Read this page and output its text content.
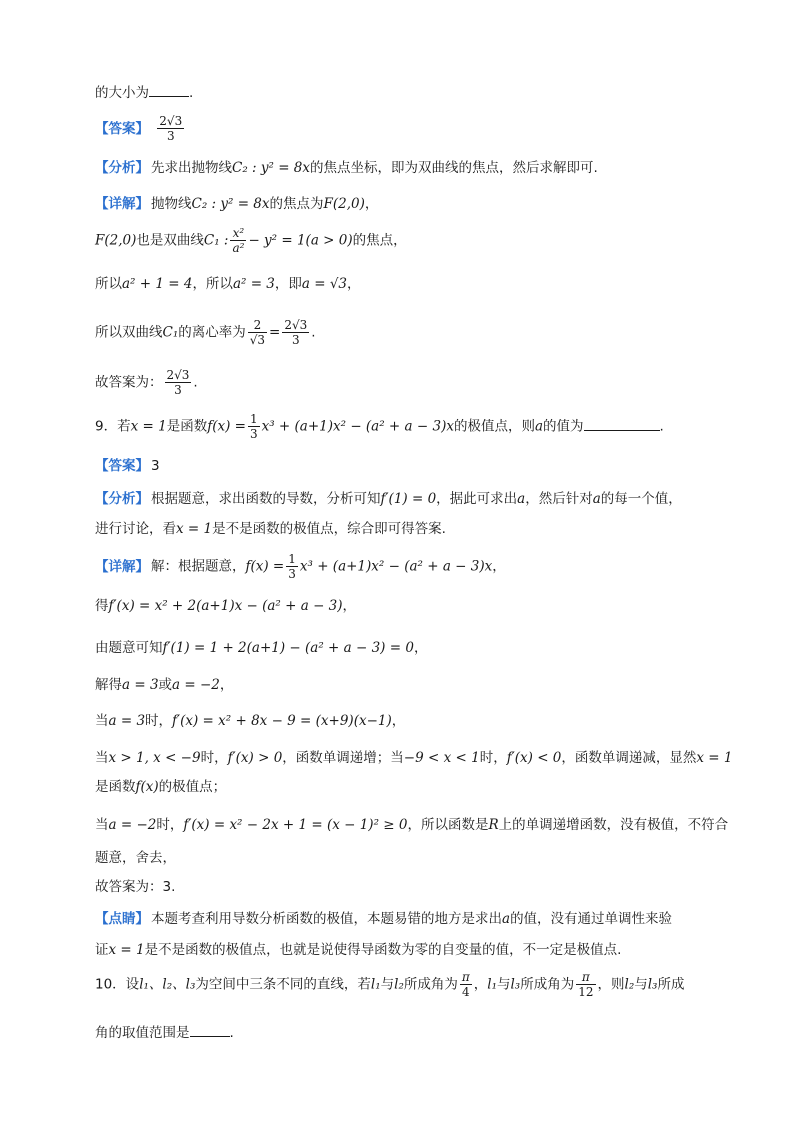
的大小为	.
【答案】 $\frac{2√3}{3}$
【分析】 先求出抛物线C₂ : y² = 8x的焦点坐标，即为双曲线的焦点，然后求解即可.
【详解】 抛物线C₂ : y² = 8x的焦点为F(2,0)，
F(2,0)也是双曲线C₁ : $\frac{\text{x²}}{\text{a²}} - y^2 = 1(a > 0)$的焦点，
所以a² + 1 = 4，所以a² = 3，即a = √3，
所以双曲线C₁的离心率为 $\frac{2}{√3} = \frac{2√3}{3}$ .
故答案为： $\frac{2√3}{3}$ .
9．若x = 1是函数$f(x) = \frac{1}{3} x^3 + (a+1)x^2 - (a^2 + a - 3)x$的极值点，则a的值为	.
【答案】 3
【分析】 根据题意，求出函数的导数，分析可知f′(1) = 0，据此可求出a，然后针对a的每一个值，
进行讨论，看x = 1是不是函数的极值点，综合即可得答案.
【详解】 解：根据题意，$f(x) = \frac{1}{3} x^3 + (a+1)x^2 - (a^2 + a - 3)x$，
得f′(x) = x² + 2(a+1)x − (a² + a − 3)，
由题意可知f′(1) = 1 + 2(a+1) − (a² + a − 3) = 0，
解得a = 3或a = −2，
当a = 3时，f′(x) = x² + 8x − 9 = (x+9)(x−1)，
当x > 1, x < −9时，f′(x) > 0，函数单调递增；当−9 < x < 1时，f′(x) < 0，函数单调递减，显然x = 1
是函数f(x)的极值点；
当a = −2时，f′(x) = x² − 2x + 1 = (x − 1)² ≥ 0，所以函数是R上的单调递增函数，没有极值，不符合
题意，舍去，
故答案为：3.
【点睛】 本题考查利用导数分析函数的极值，本题易错的地方是求出a的值，没有通过单调性来验
证x = 1是不是函数的极值点，也就是说使得导函数为零的自变量的值，不一定是极值点.
10．设l₁、l₂、l₃为空间中三条不同的直线，若l₁与l₂所成角为 $\frac{\pi}{4}$ ，l₁与l₃所成角为 $\frac{\pi}{12}$ ，则l₂与l₃所成
角的取值范围是	.
